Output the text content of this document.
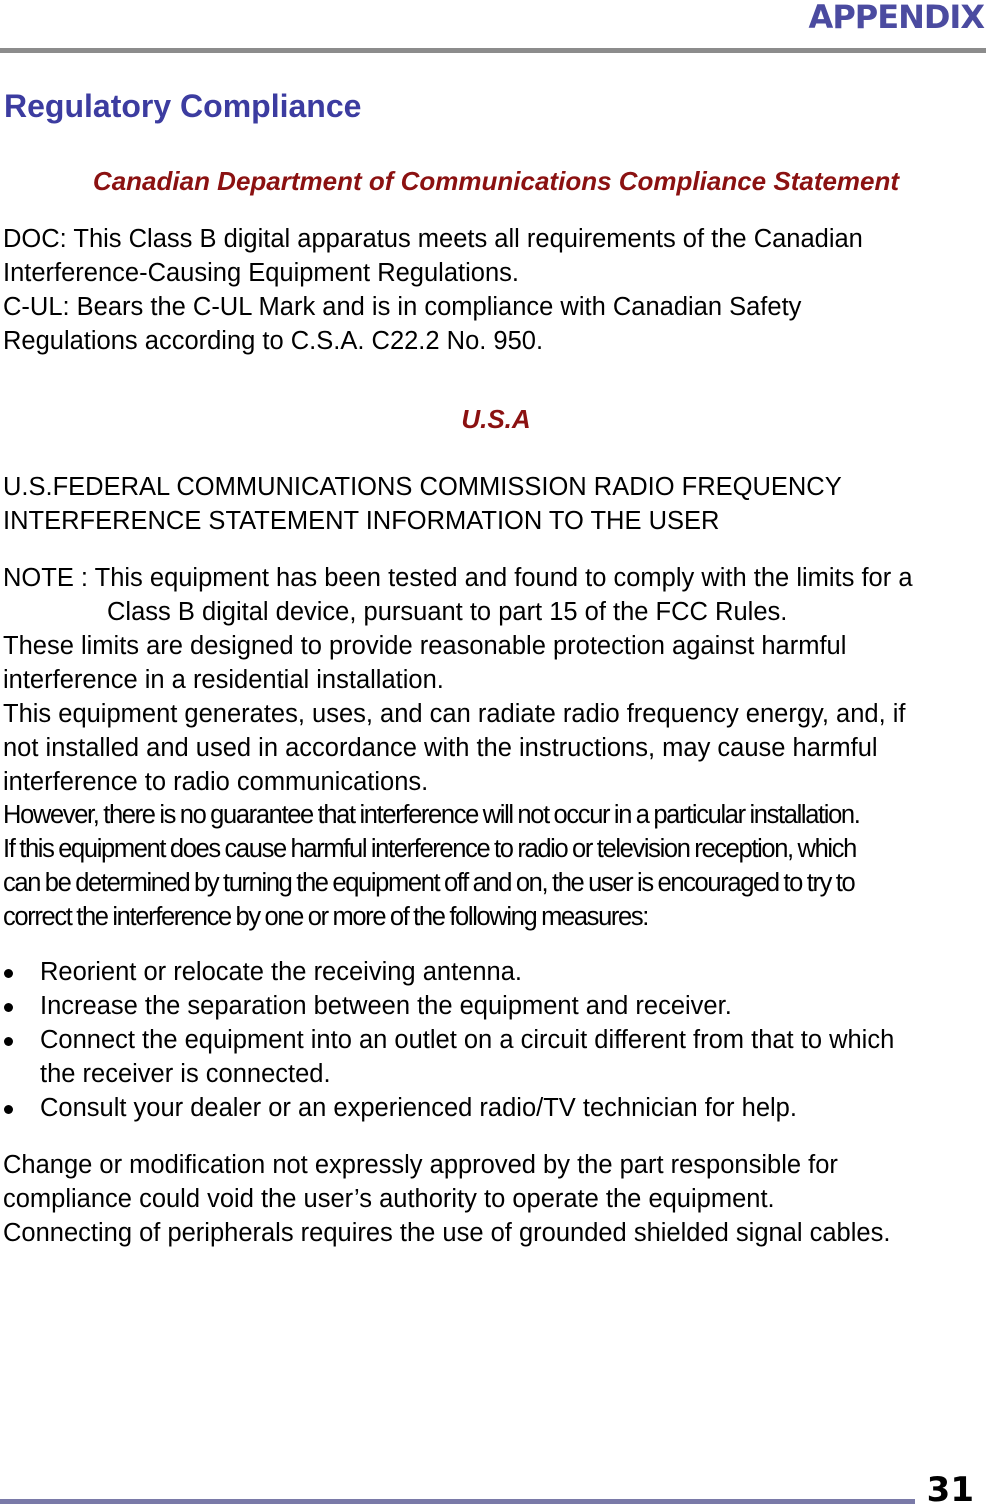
APPENDIX
Regulatory Compliance
Canadian Department of Communications Compliance Statement
DOC: This Class B digital apparatus meets all requirements of the Canadian
Interference-Causing Equipment Regulations.
C-UL: Bears the C-UL Mark and is in compliance with Canadian Safety
Regulations according to C.S.A. C22.2 No. 950.
U.S.A
U.S.FEDERAL COMMUNICATIONS COMMISSION RADIO FREQUENCY
INTERFERENCE STATEMENT INFORMATION TO THE USER
NOTE : This equipment has been tested and found to comply with the limits for a
Class B digital device, pursuant to part 15 of the FCC Rules.
These limits are designed to provide reasonable protection against harmful
interference in a residential installation.
This equipment generates, uses, and can radiate radio frequency energy, and, if
not installed and used in accordance with the instructions, may cause harmful
interference to radio communications.
However, there is no guarantee that interference will not occur in a particular installation.
If this equipment does cause harmful interference to radio or television reception, which
can be determined by turning the equipment off and on, the user is encouraged to try to
correct the interference by one or more of the following measures:
Reorient or relocate the receiving antenna.
Increase the separation between the equipment and receiver.
Connect the equipment into an outlet on a circuit different from that to which
the receiver is connected.
Consult your dealer or an experienced radio/TV technician for help.
Change or modification not expressly approved by the part responsible for
compliance could void the user’s authority to operate the equipment.
Connecting of peripherals requires the use of grounded shielded signal cables.
31
